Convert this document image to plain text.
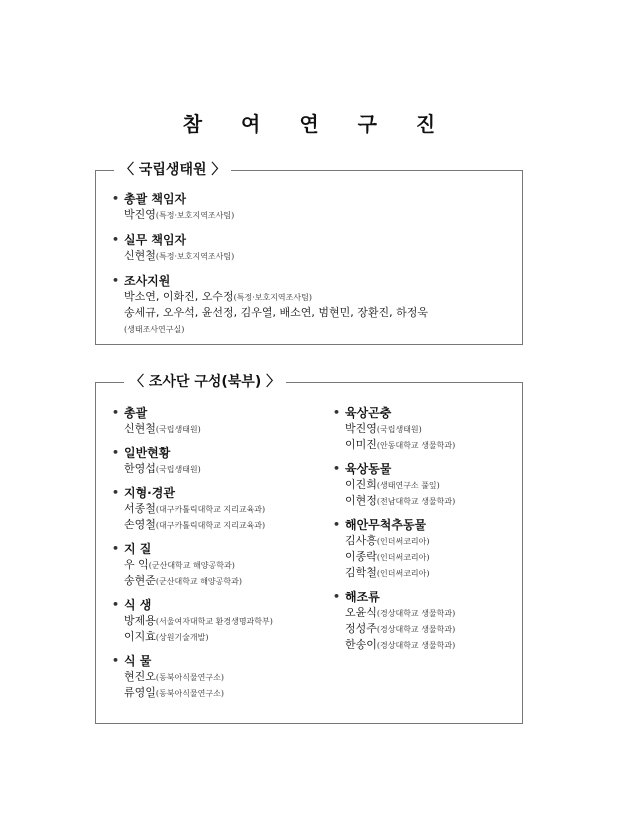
참 여 연 구 진
〈 국립생태원 〉
• 총괄 책임자
박진영(특정·보호지역조사팀)
• 실무 책임자
신현철(특정·보호지역조사팀)
• 조사지원
박소연, 이화진, 오수정(특정·보호지역조사팀)
송세규, 오우석, 윤선정, 김우열, 배소연, 범현민, 장환진, 하정욱
(생태조사연구실)
〈 조사단 구성(북부) 〉
• 총괄
신현철(국립생태원)
• 일반현황
한영섭(국립생태원)
• 지형·경관
서종철(대구카톨릭대학교 지리교육과)
손영철(대구카톨릭대학교 지리교육과)
• 지 질
우 익(군산대학교 해양공학과)
송현준(군산대학교 해양공학과)
• 식 생
방제용(서울여자대학교 환경생명과학부)
이지효(상원기술개발)
• 식 물
현진오(동북아식물연구소)
류영일(동북아식물연구소)
• 육상곤충
박진영(국립생태원)
이미진(안동대학교 생물학과)
• 육상동물
이진희(생태연구소 풀잎)
이현정(전남대학교 생물학과)
• 해안무척추동물
김사흥(인더써코리아)
이종락(인더써코리아)
김학철(인더써코리아)
• 해조류
오윤식(경상대학교 생물학과)
정성주(경상대학교 생물학과)
한송이(경상대학교 생물학과)
